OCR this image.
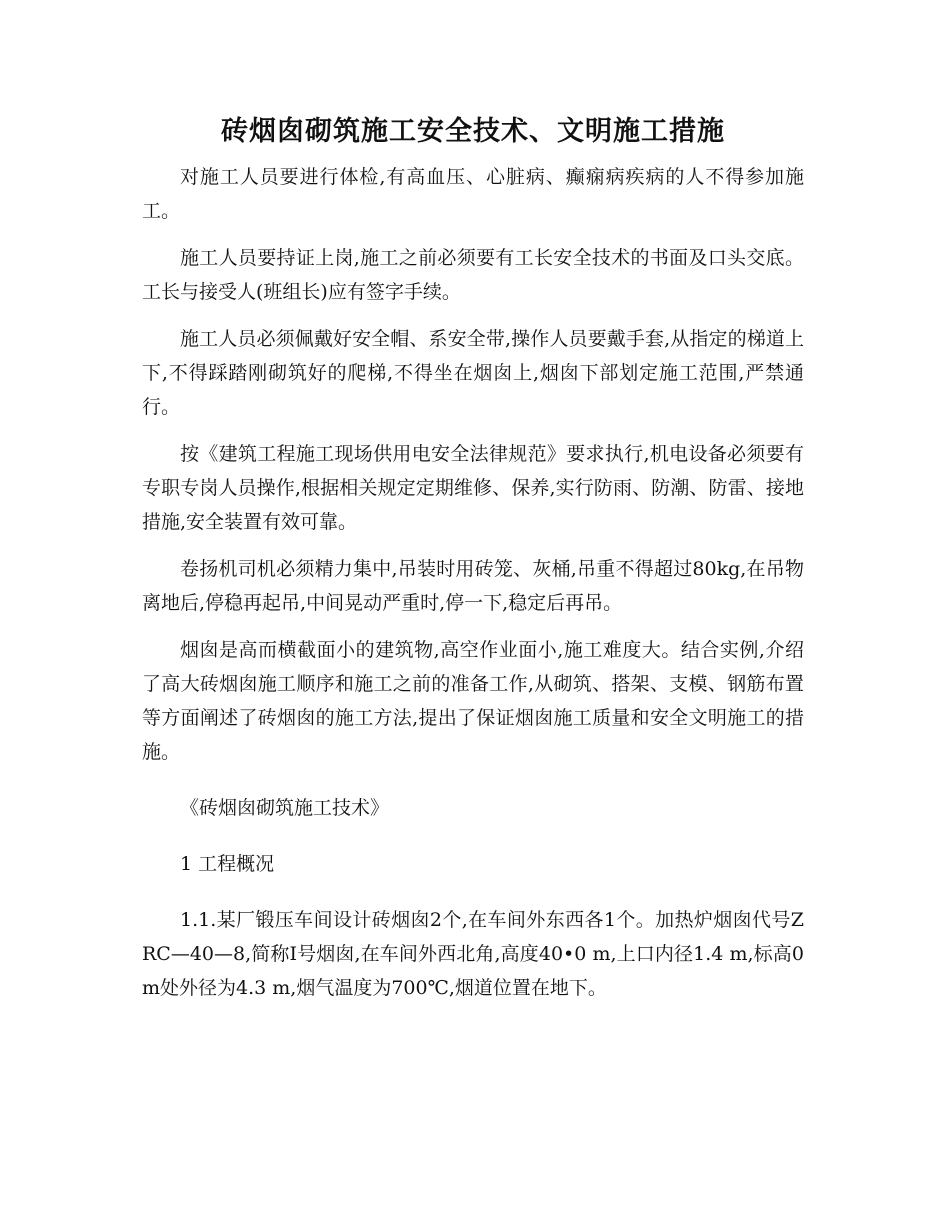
砖烟囱砌筑施工安全技术、文明施工措施

对施工人员要进行体检,有高血压、心脏病、癫痫病疾病的人不得参加施工。

施工人员要持证上岗,施工之前必须要有工长安全技术的书面及口头交底。工长与接受人(班组长)应有签字手续。

施工人员必须佩戴好安全帽、系安全带,操作人员要戴手套,从指定的梯道上下,不得踩踏刚砌筑好的爬梯,不得坐在烟囱上,烟囱下部划定施工范围,严禁通行。

按《建筑工程施工现场供用电安全法律规范》要求执行,机电设备必须要有专职专岗人员操作,根据相关规定定期维修、保养,实行防雨、防潮、防雷、接地措施,安全装置有效可靠。

卷扬机司机必须精力集中,吊装时用砖笼、灰桶,吊重不得超过80kg,在吊物离地后,停稳再起吊,中间晃动严重时,停一下,稳定后再吊。

烟囱是高而横截面小的建筑物,高空作业面小,施工难度大。结合实例,介绍了高大砖烟囱施工顺序和施工之前的准备工作,从砌筑、搭架、支模、钢筋布置等方面阐述了砖烟囱的施工方法,提出了保证烟囱施工质量和安全文明施工的措施。

《砖烟囱砌筑施工技术》

1 工程概况

1.1.某厂锻压车间设计砖烟囱2个,在车间外东西各1个。加热炉烟囱代号ZRC—40—8,简称Ⅰ号烟囱,在车间外西北角,高度40•0 m,上口内径1.4 m,标高0 m处外径为4.3 m,烟气温度为700℃,烟道位置在地下。
